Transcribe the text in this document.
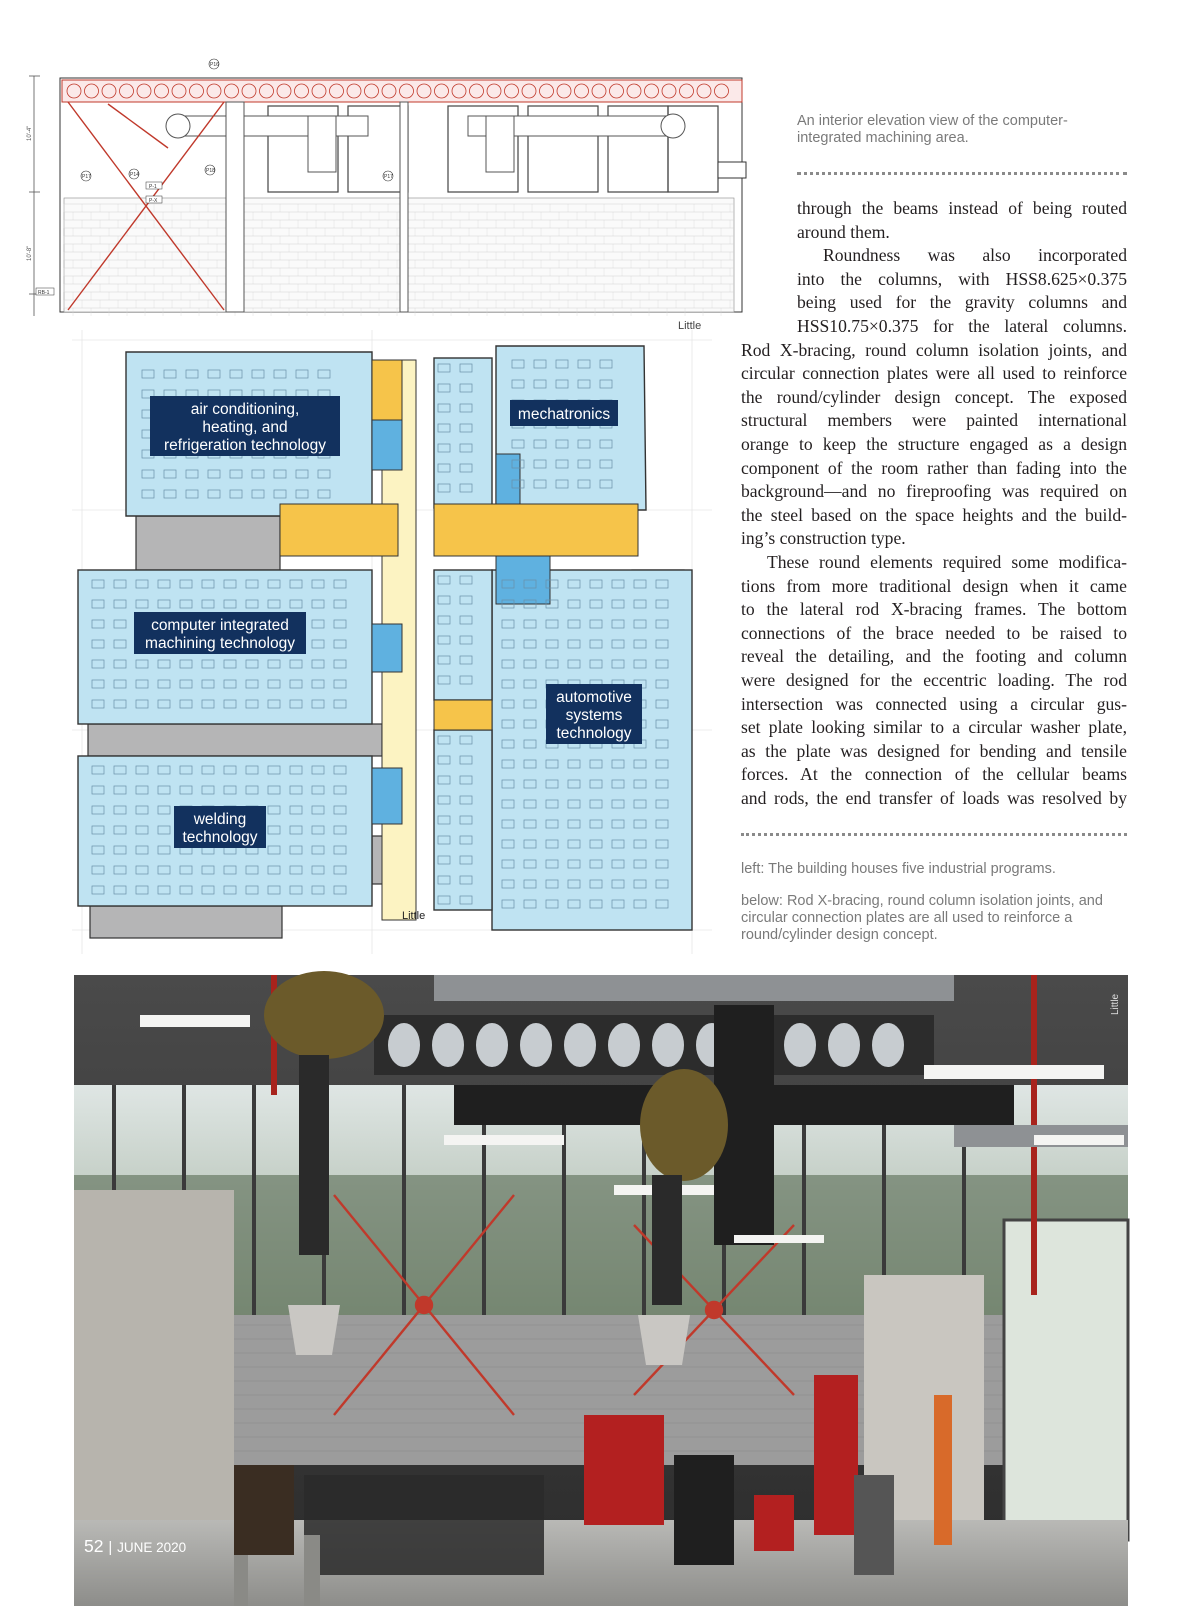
10'-4"
10'-8"
P16
P17	P14
P18
P17
P-1
P-X
RB-1
Little
An interior elevation view of the computer-integrated machining area.
through the beams instead of being routed
around them.
Roundness was also incorporated
into the columns, with HSS8.625×0.375
being used for the gravity columns and
HSS10.75×0.375 for the lateral columns.
Rod X-bracing, round column isolation joints, and
circular connection plates were all used to reinforce
the round/cylinder design concept. The exposed
structural members were painted international
orange to keep the structure engaged as a design
component of the room rather than fading into the
background—and no fireproofing was required on
the steel based on the space heights and the build-
ing’s construction type.
These round elements required some modifica-
tions from more traditional design when it came
to the lateral rod X-bracing frames. The bottom
connections of the brace needed to be raised to
reveal the detailing, and the footing and column
were designed for the eccentric loading. The rod
intersection was connected using a circular gus-
set plate looking similar to a circular washer plate,
as the plate was designed for bending and tensile
forces. At the connection of the cellular beams
and rods, the end transfer of loads was resolved by
left: The building houses five industrial programs.
below: Rod X-bracing, round column isolation joints, and circular connection plates are all used to reinforce a round/cylinder design concept.
air conditioning,
heating, and
refrigeration technology
mechatronics
computer integrated
machining technology
automotive
systems
technology
welding
technology
Little
Little
52 | JUNE 2020
